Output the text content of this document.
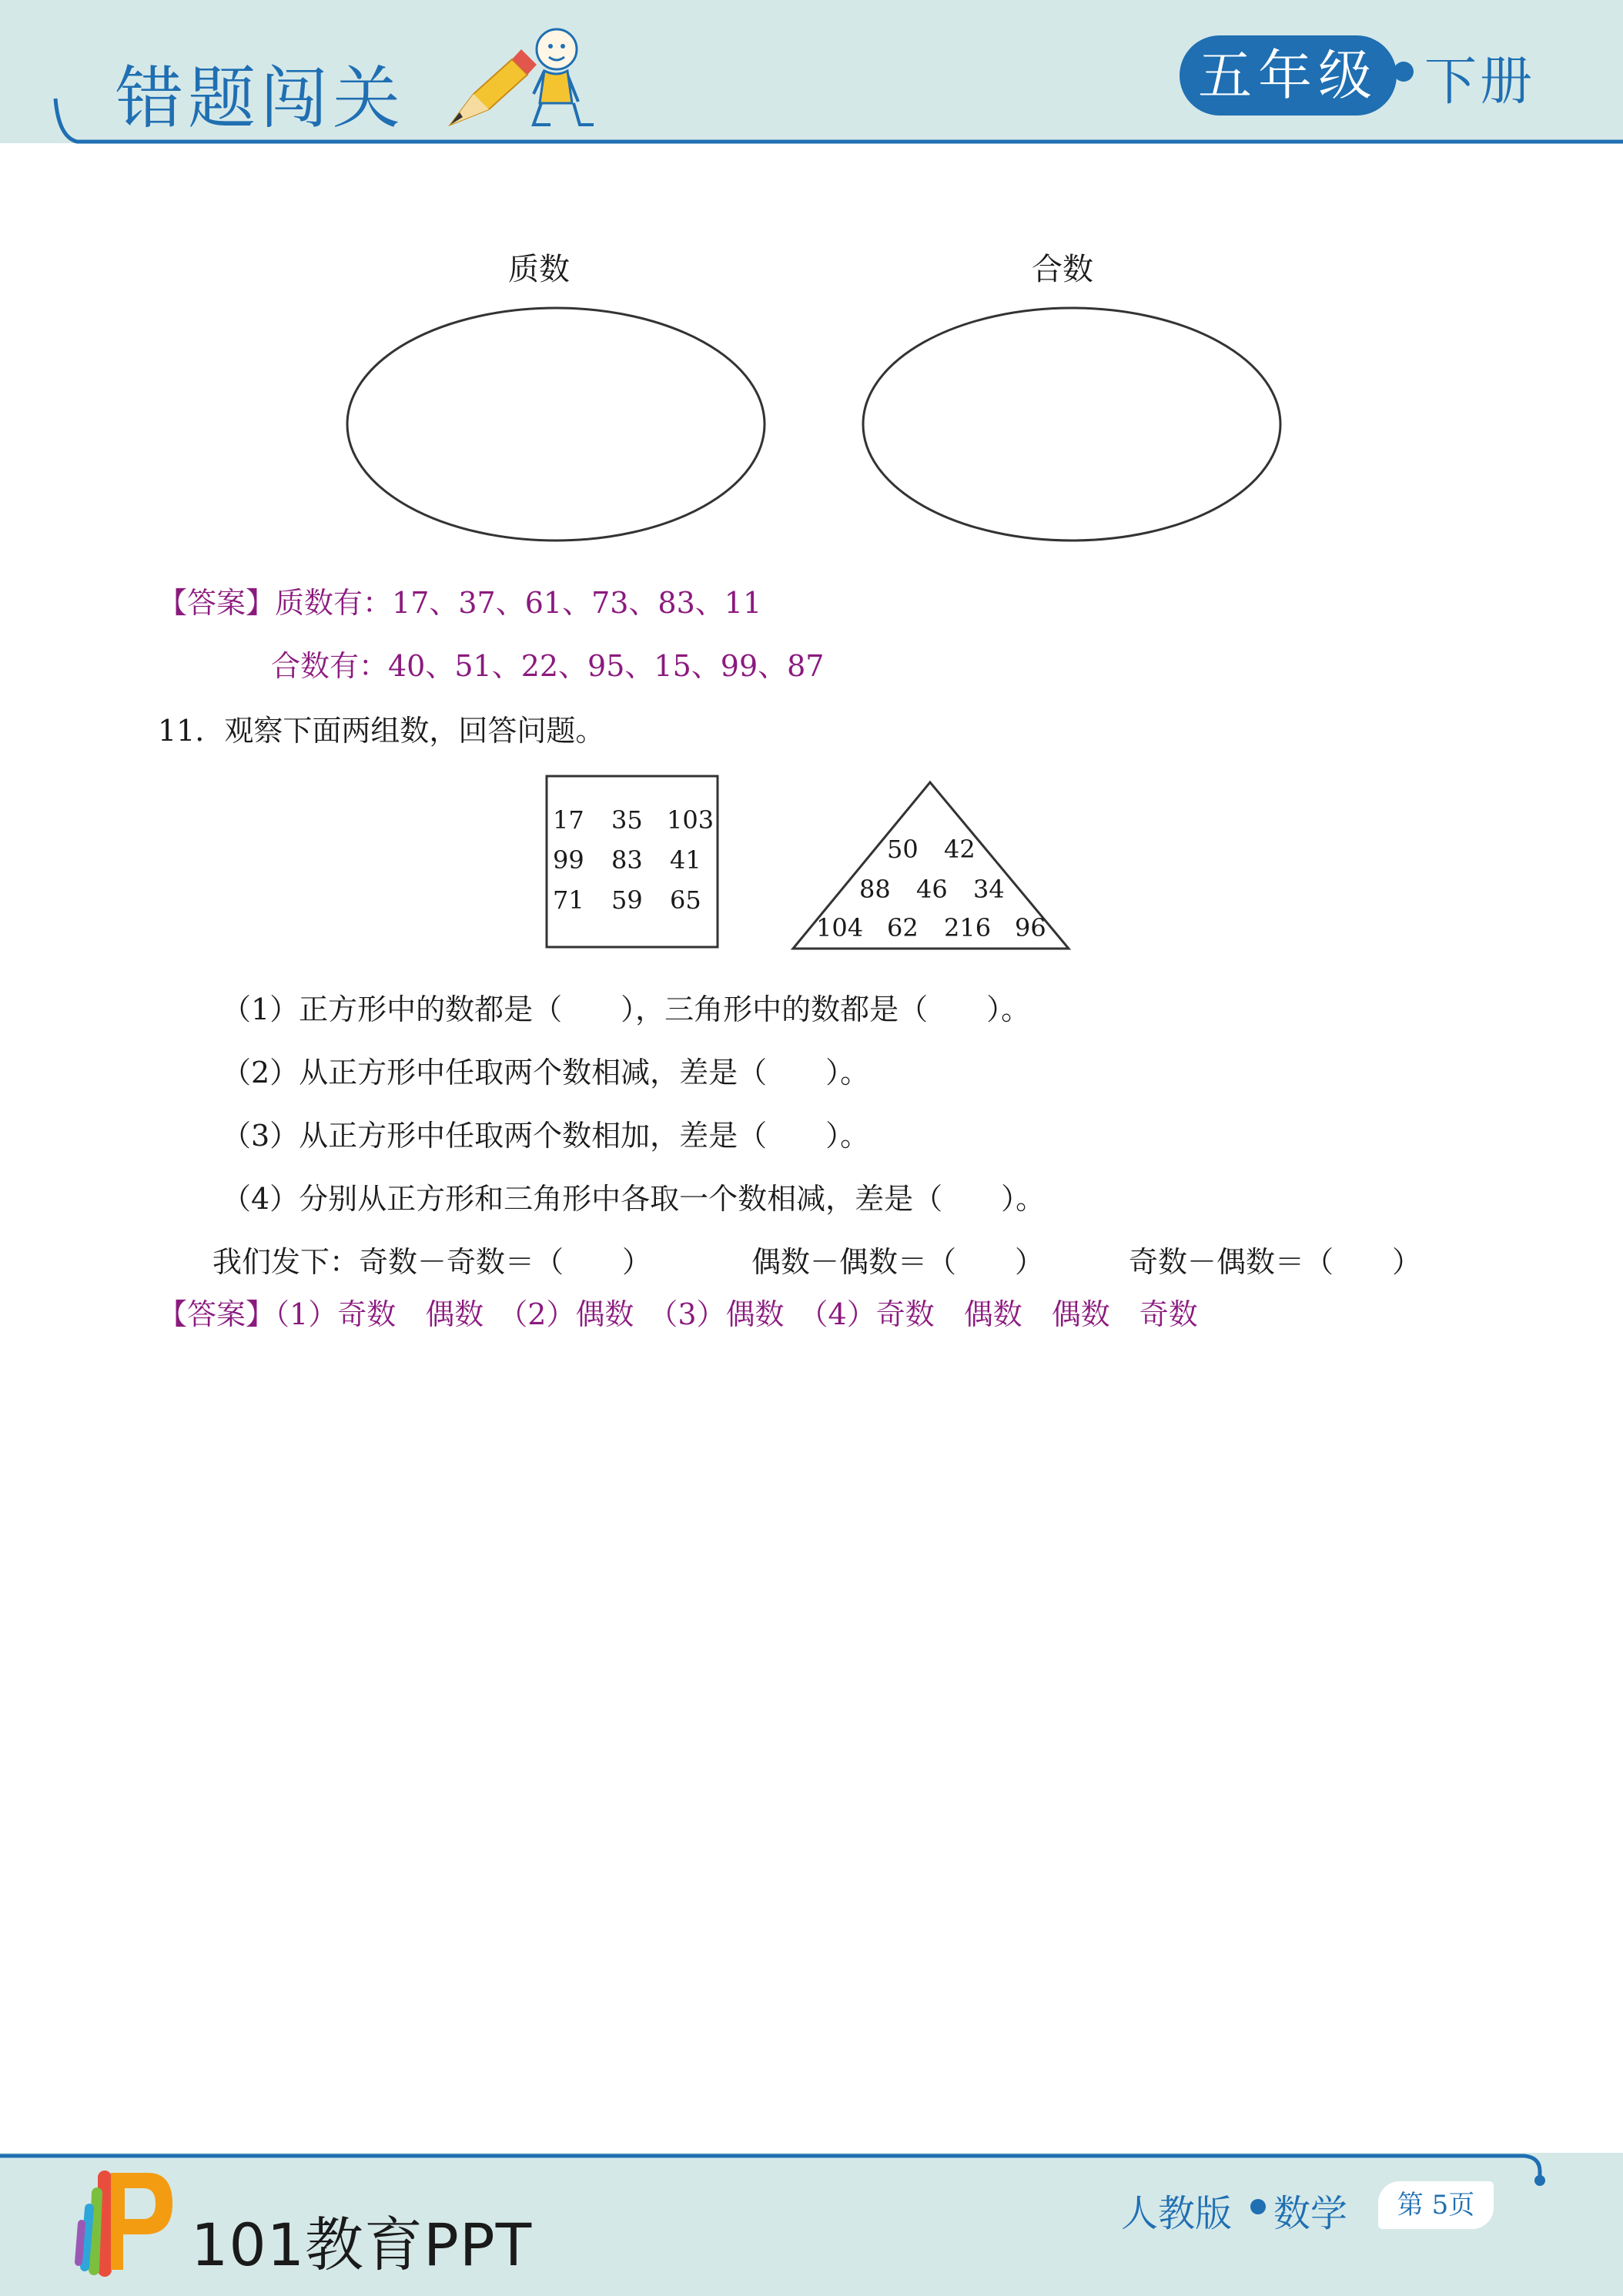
错题闯关	五年级 下册
质数	合数
【答案】质数有：17、37、61、73、83、11
合数有：40、51、22、95、15、99、87
11．观察下面两组数，回答问题。
17 35 103
99 83 41
71 59 65
50 42
88 46 34
104 62 216 96
（1）正方形中的数都是（　　），三角形中的数都是（　　）。
（2）从正方形中任取两个数相减，差是（　　）。
（3）从正方形中任取两个数相加，差是（　　）。
（4）分别从正方形和三角形中各取一个数相减，差是（　　）。
我们发下：奇数－奇数＝（　　）	偶数－偶数＝（　　）	奇数－偶数＝（　　）
【答案】（1）奇数　偶数　（2）偶数　（3）偶数　（4）奇数　偶数　偶数　奇数
101教育PPT	人教版 数学	第 5页
